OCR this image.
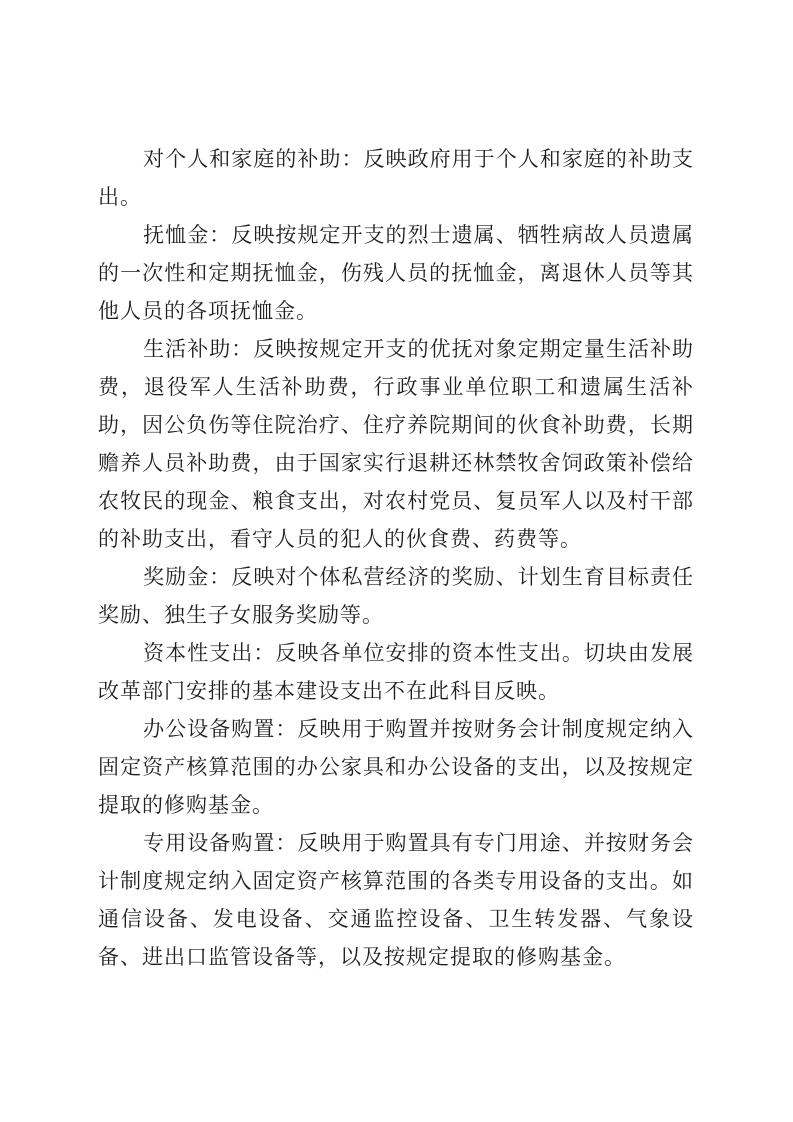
对个人和家庭的补助：反映政府用于个人和家庭的补助支出。

抚恤金：反映按规定开支的烈士遗属、牺牲病故人员遗属的一次性和定期抚恤金，伤残人员的抚恤金，离退休人员等其他人员的各项抚恤金。

生活补助：反映按规定开支的优抚对象定期定量生活补助费，退役军人生活补助费，行政事业单位职工和遗属生活补助，因公负伤等住院治疗、住疗养院期间的伙食补助费，长期赡养人员补助费，由于国家实行退耕还林禁牧舍饲政策补偿给农牧民的现金、粮食支出，对农村党员、复员军人以及村干部的补助支出，看守人员的犯人的伙食费、药费等。

奖励金：反映对个体私营经济的奖励、计划生育目标责任奖励、独生子女服务奖励等。

资本性支出：反映各单位安排的资本性支出。切块由发展改革部门安排的基本建设支出不在此科目反映。

办公设备购置：反映用于购置并按财务会计制度规定纳入固定资产核算范围的办公家具和办公设备的支出，以及按规定提取的修购基金。

专用设备购置：反映用于购置具有专门用途、并按财务会计制度规定纳入固定资产核算范围的各类专用设备的支出。如通信设备、发电设备、交通监控设备、卫生转发器、气象设备、进出口监管设备等，以及按规定提取的修购基金。
